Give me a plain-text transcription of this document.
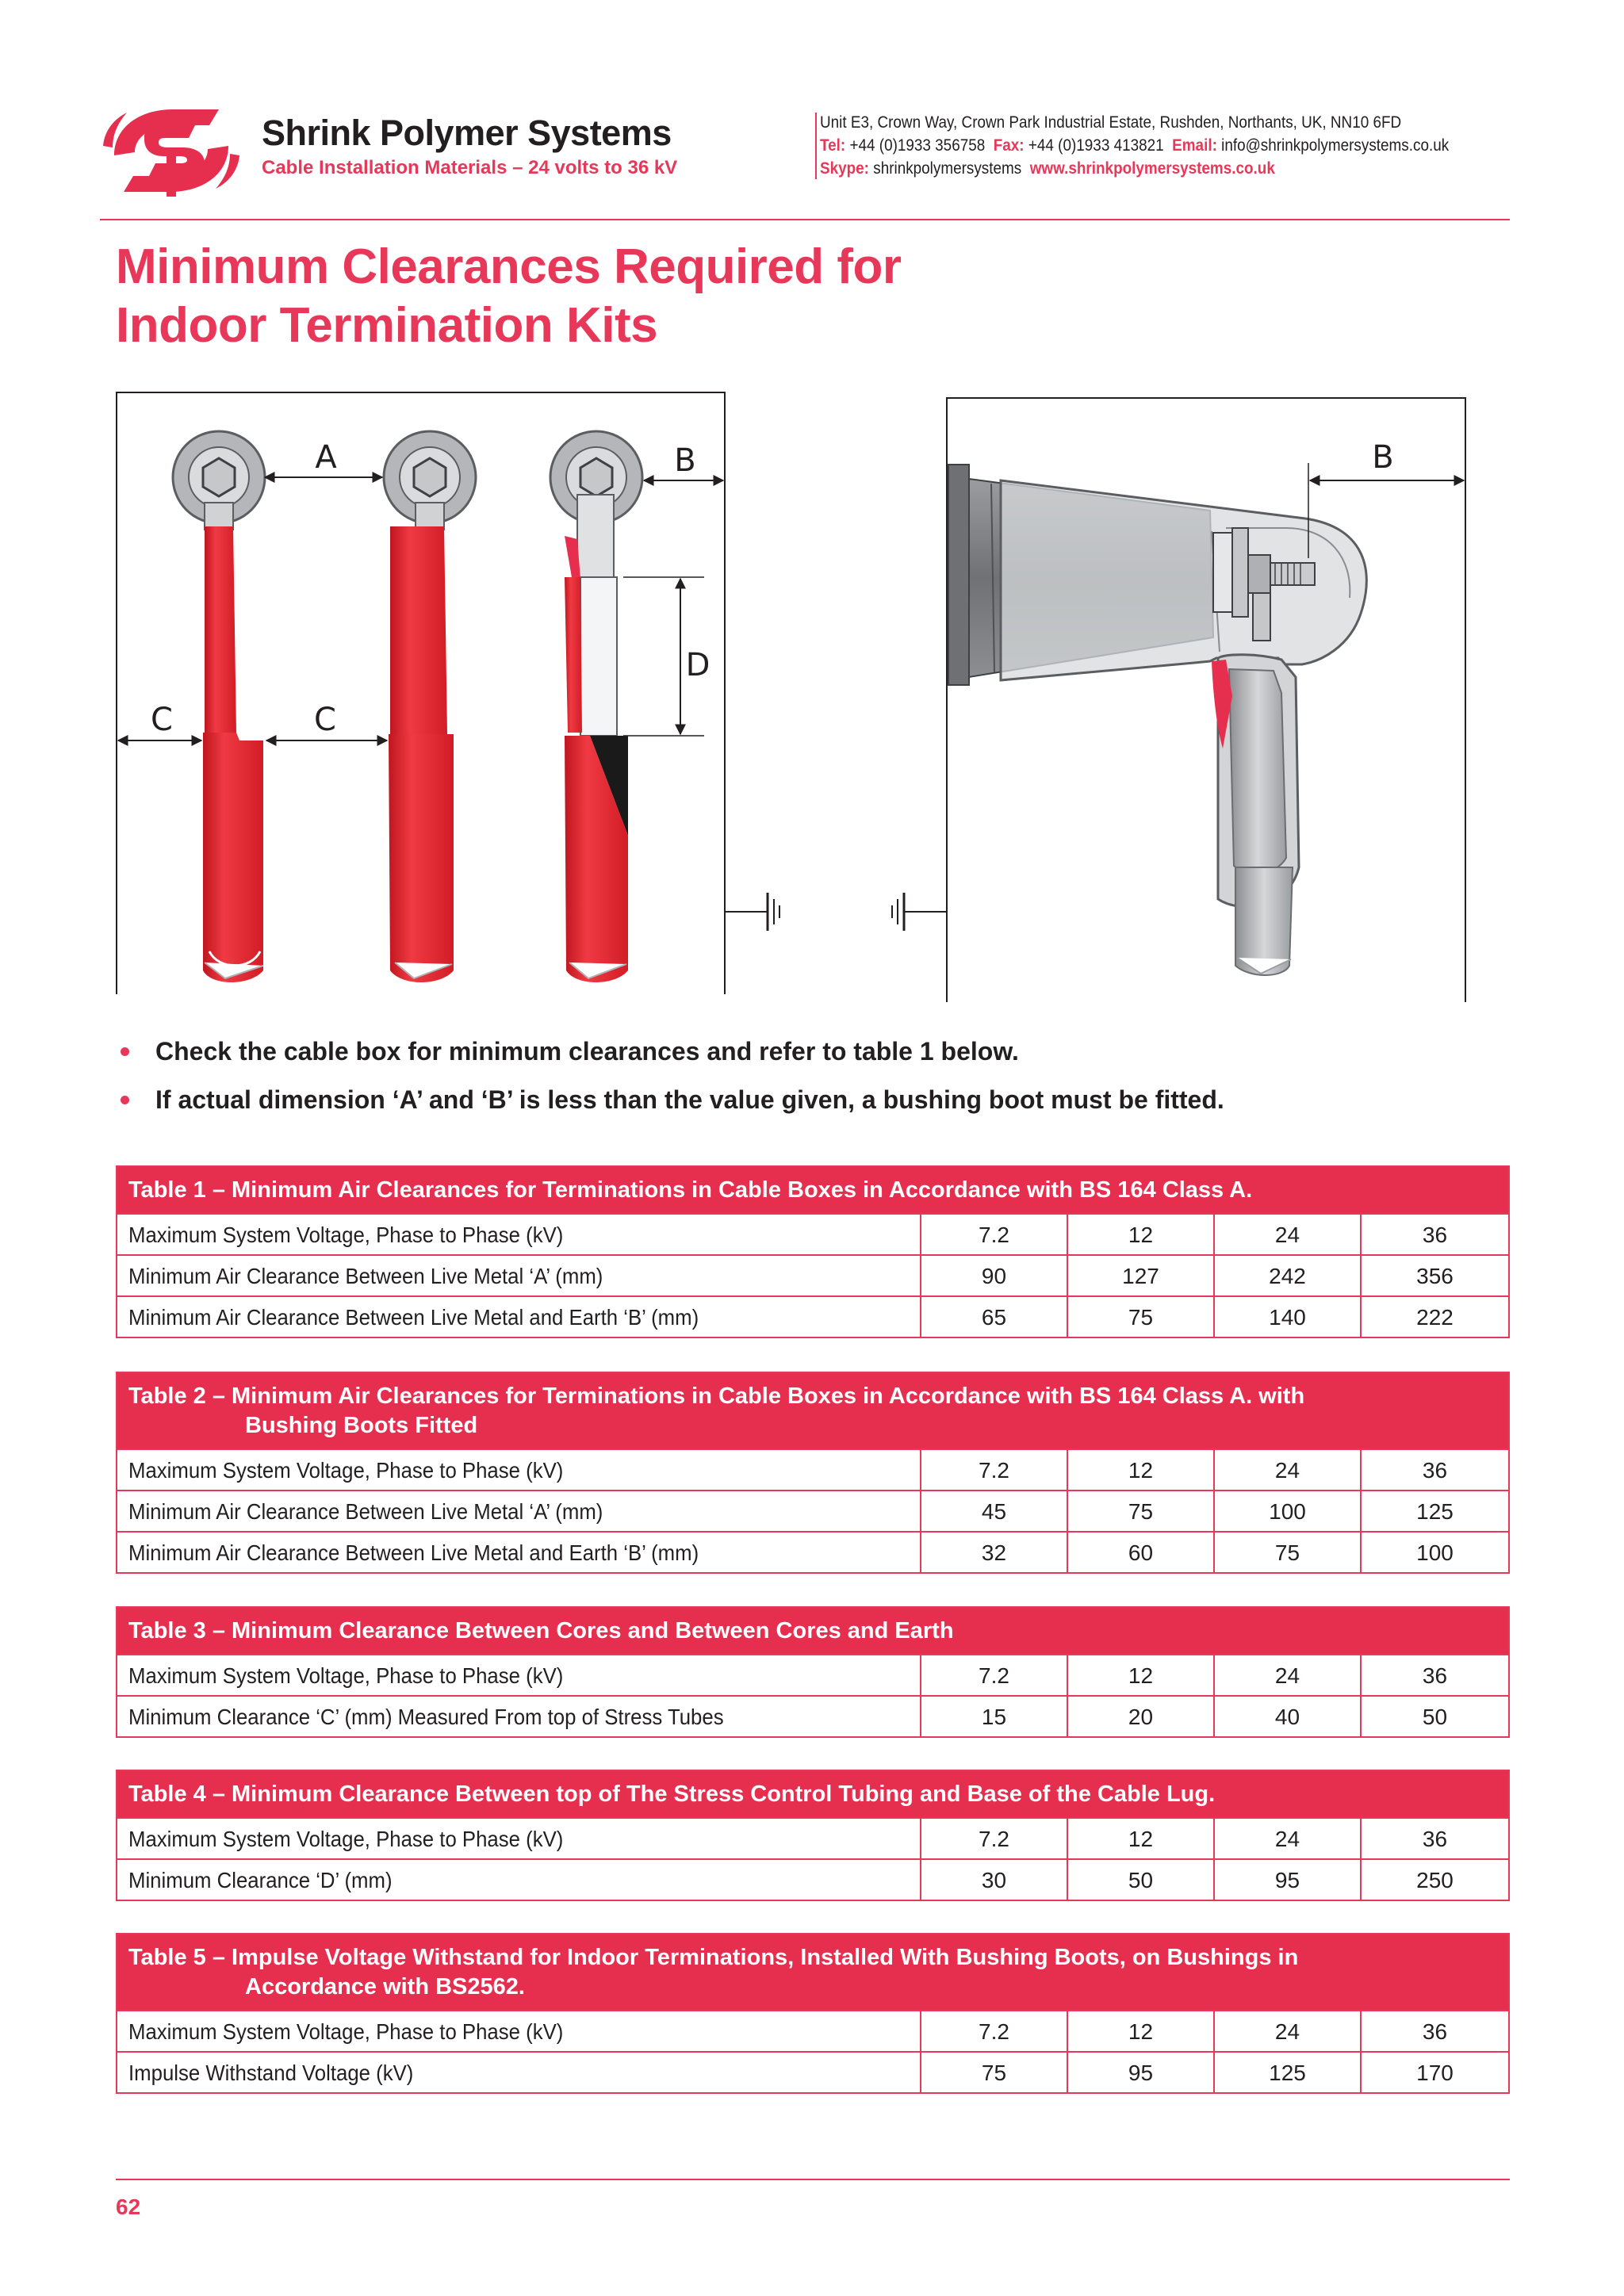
Shrink Polymer Systems
Cable Installation Materials – 24 volts to 36 kV
Unit E3, Crown Way, Crown Park Industrial Estate, Rushden, Northants, UK, NN10 6FD
Tel: +44 (0)1933 356758 Fax: +44 (0)1933 413821 Email: info@shrinkpolymersystems.co.uk
Skype: shrinkpolymersystems www.shrinkpolymersystems.co.uk
Minimum Clearances Required for
Indoor Termination Kits
A	B
C	C
D
B
Check the cable box for minimum clearances and refer to table 1 below.
If actual dimension ‘A’ and ‘B’ is less than the value given, a bushing boot must be fitted.
Table 1 – Minimum Air Clearances for Terminations in Cable Boxes in Accordance with BS 164 Class A.
Maximum System Voltage, Phase to Phase (kV)	7.2	12	24	36
Minimum Air Clearance Between Live Metal ‘A’ (mm)	90	127	242	356
Minimum Air Clearance Between Live Metal and Earth ‘B’ (mm)	65	75	140	222
Table 2 – Minimum Air Clearances for Terminations in Cable Boxes in Accordance with BS 164 Class A. with
Bushing Boots Fitted
Maximum System Voltage, Phase to Phase (kV)	7.2	12	24	36
Minimum Air Clearance Between Live Metal ‘A’ (mm)	45	75	100	125
Minimum Air Clearance Between Live Metal and Earth ‘B’ (mm)	32	60	75	100
Table 3 – Minimum Clearance Between Cores and Between Cores and Earth
Maximum System Voltage, Phase to Phase (kV)	7.2	12	24	36
Minimum Clearance ‘C’ (mm) Measured From top of Stress Tubes	15	20	40	50
Table 4 – Minimum Clearance Between top of The Stress Control Tubing and Base of the Cable Lug.
Maximum System Voltage, Phase to Phase (kV)	7.2	12	24	36
Minimum Clearance ‘D’ (mm)	30	50	95	250
Table 5 – Impulse Voltage Withstand for Indoor Terminations, Installed With Bushing Boots, on Bushings in
Accordance with BS2562.
Maximum System Voltage, Phase to Phase (kV)	7.2	12	24	36
Impulse Withstand Voltage (kV)	75	95	125	170
62
